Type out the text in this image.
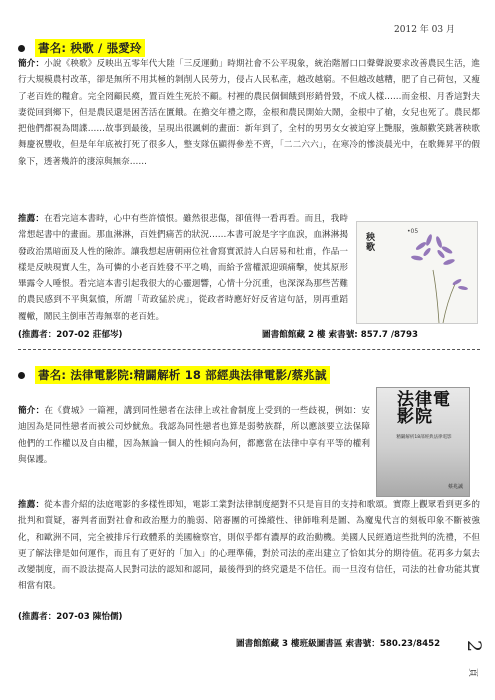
2012 年 03 月
書名: 秧歌 / 張愛玲

簡介：小說《秧歌》反映出五零年代大陸「三反運動」時期社會不公平現象，統治階層口口聲聲說要求改善農民生活，進行大規模農村改革，卻是無所不用其極的剝削人民勞力，侵占人民私產，越改越窮。不但越改越糟，肥了自己荷包，又瘦了老百姓的糧倉。完全罔顧民瘼，置百姓生死於不顧。村裡的農民個個餓到形銷骨毀，不成人樣……而金根、月香這對夫妻從回到鄉下，但是農民還是困苦活在匱餓。在擔交年禮之際，金根和農民開始大鬧，金根中了槍，女兒也死了。農民都把他們都視為間諜……故事到最後，呈現出很諷刺的畫面：新年到了，全村的男男女女被迫穿上艷服，強顏歡笑跳著秧歌舞慶祝豐收，但是年年底被打死了很多人，整支隊伍顯得參差不齊，「二二六六」，在寒冷的慘淡晨光中，在歌舞昇平的假象下，透著幾許的淒涼與無奈……

推薦：在看完這本書時，心中有些許憤恨。雖然很悲傷，卻值得一看再看。而且，我時常想起書中的畫面。那血淋淋，百姓們痛苦的狀況……本書可說是字字血淚，血淋淋揭發政治黑暗面及人性的險詐。讓我想起唐朝兩位社會寫實派詩人白居易和杜甫，作品一樣是反映現實人生，為可憐的小老百姓發不平之鳴，而給予當權派迎頭痛擊，使其原形畢露令人唾恨。看完這本書引起我很大的心靈迴響，心情十分沉重，也深深為那些苦難的農民感到不平與氣憤，所謂「苛政猛於虎」，從政者時應好好反省這句話，別再重蹈覆轍，鬧民主倒車苦毒無辜的老百姓。

•05
秧歌
(推薦者：207-02 莊郁岑)	圖書館館藏 2 樓 索書號: 857.7 /8793
書名: 法律電影院:精闢解析 18 部經典法律電影/蔡兆誠

簡介：在《費城》一篇裡，講到同性戀者在法律上或社會制度上受到的一些歧視，例如：安迪因為是同性戀者而被公司炒魷魚。我認為同性戀者也算是弱勢族群，所以應該要立法保障他們的工作權以及自由權，因為無論一個人的性傾向為何，都應當在法律中享有平等的權利與保護。

法律電影院
精闢解析18部經典法律電影
蔡兆誠

推薦：從本書介紹的法庭電影的多樣性即知，電影工業對法律制度絕對不只是盲目的支持和歌頌。實際上觀眾看到更多的批判和質疑，審判者面對社會和政治壓力的脆弱、陪審團的可操縱性、律師唯利是圖、為魔鬼代言的刻板印象不斷被強化，和歐洲不同，完全被排斥行政體系的美國檢察官，則似乎都有濃厚的政治動機。美國人民經過這些批判的洗禮，不但更了解法律是如何運作，而且有了更好的「加入」的心理準備，對於司法的產出建立了恰如其分的期待值。花再多力氣去改變制度，而不設法提高人民對司法的認知和認同，最後得到的終究還是不信任。而一旦沒有信任，司法的社會功能其實相當有限。

(推薦者：207-03 陳怡儒)
圖書館館藏 3 樓班級圖書區 索書號：580.23/8452 2
頁
